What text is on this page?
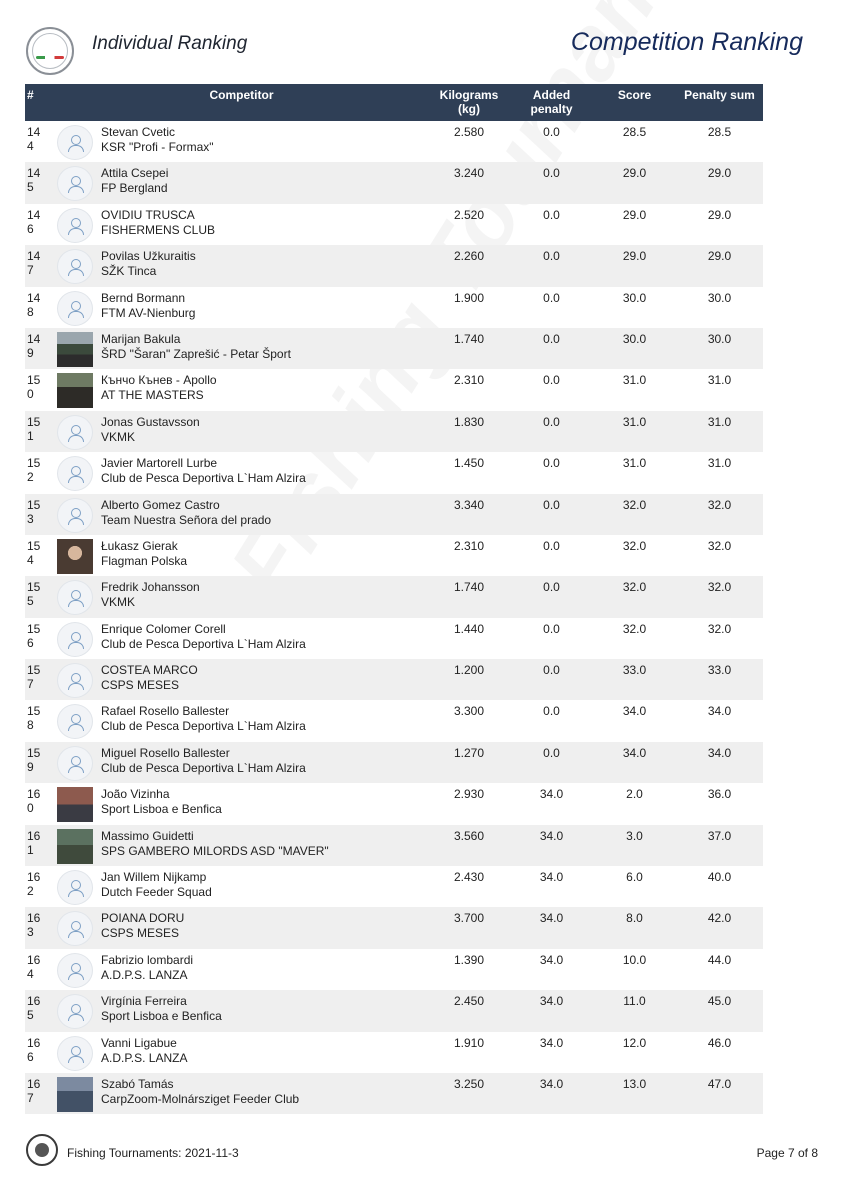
Individual Ranking	Competition Ranking
#	Competitor		Kilograms (kg)	Added penalty	Score	Penalty sum

144		Stevan Cvetic
KSR "Profi - Formax"	2.580	0.0	28.5	28.5

145		Attila Csepei
FP Bergland	3.240	0.0	29.0	29.0

146		OVIDIU TRUSCA
FISHERMENS CLUB	2.520	0.0	29.0	29.0

147		Povilas Užkuraitis
SŽK Tinca	2.260	0.0	29.0	29.0

148		Bernd Bormann
FTM AV-Nienburg	1.900	0.0	30.0	30.0

149		Marijan Bakula
ŠRD "Šaran" Zaprešić - Petar Šport	1.740	0.0	30.0	30.0

150		Кънчо Кънев - Apollo
AT THE MASTERS	2.310	0.0	31.0	31.0

151		Jonas Gustavsson
VKMK	1.830	0.0	31.0	31.0

152		Javier Martorell Lurbe
Club de Pesca Deportiva L`Ham Alzira	1.450	0.0	31.0	31.0

153		Alberto Gomez Castro
Team Nuestra Señora del prado	3.340	0.0	32.0	32.0

154		Łukasz Gierak
Flagman Polska	2.310	0.0	32.0	32.0

155		Fredrik Johansson
VKMK	1.740	0.0	32.0	32.0

156		Enrique Colomer Corell
Club de Pesca Deportiva L`Ham Alzira	1.440	0.0	32.0	32.0

157		COSTEA MARCO
CSPS MESES	1.200	0.0	33.0	33.0

158		Rafael Rosello Ballester
Club de Pesca Deportiva L`Ham Alzira	3.300	0.0	34.0	34.0

159		Miguel Rosello Ballester
Club de Pesca Deportiva L`Ham Alzira	1.270	0.0	34.0	34.0

160		João Vizinha
Sport Lisboa e Benfica	2.930	34.0	2.0	36.0

161		Massimo Guidetti
SPS GAMBERO MILORDS ASD "MAVER"	3.560	34.0	3.0	37.0

162		Jan Willem Nijkamp
Dutch Feeder Squad	2.430	34.0	6.0	40.0

163		POIANA DORU
CSPS MESES	3.700	34.0	8.0	42.0

164		Fabrizio lombardi
A.D.P.S. LANZA	1.390	34.0	10.0	44.0

165		Virgínia Ferreira
Sport Lisboa e Benfica	2.450	34.0	11.0	45.0

166		Vanni Ligabue
A.D.P.S. LANZA	1.910	34.0	12.0	46.0

167		Szabó Tamás
CarpZoom-Molnársziget Feeder Club	3.250	34.0	13.0	47.0
Fishing Tournaments: 2021-11-3	Page 7 of 8
